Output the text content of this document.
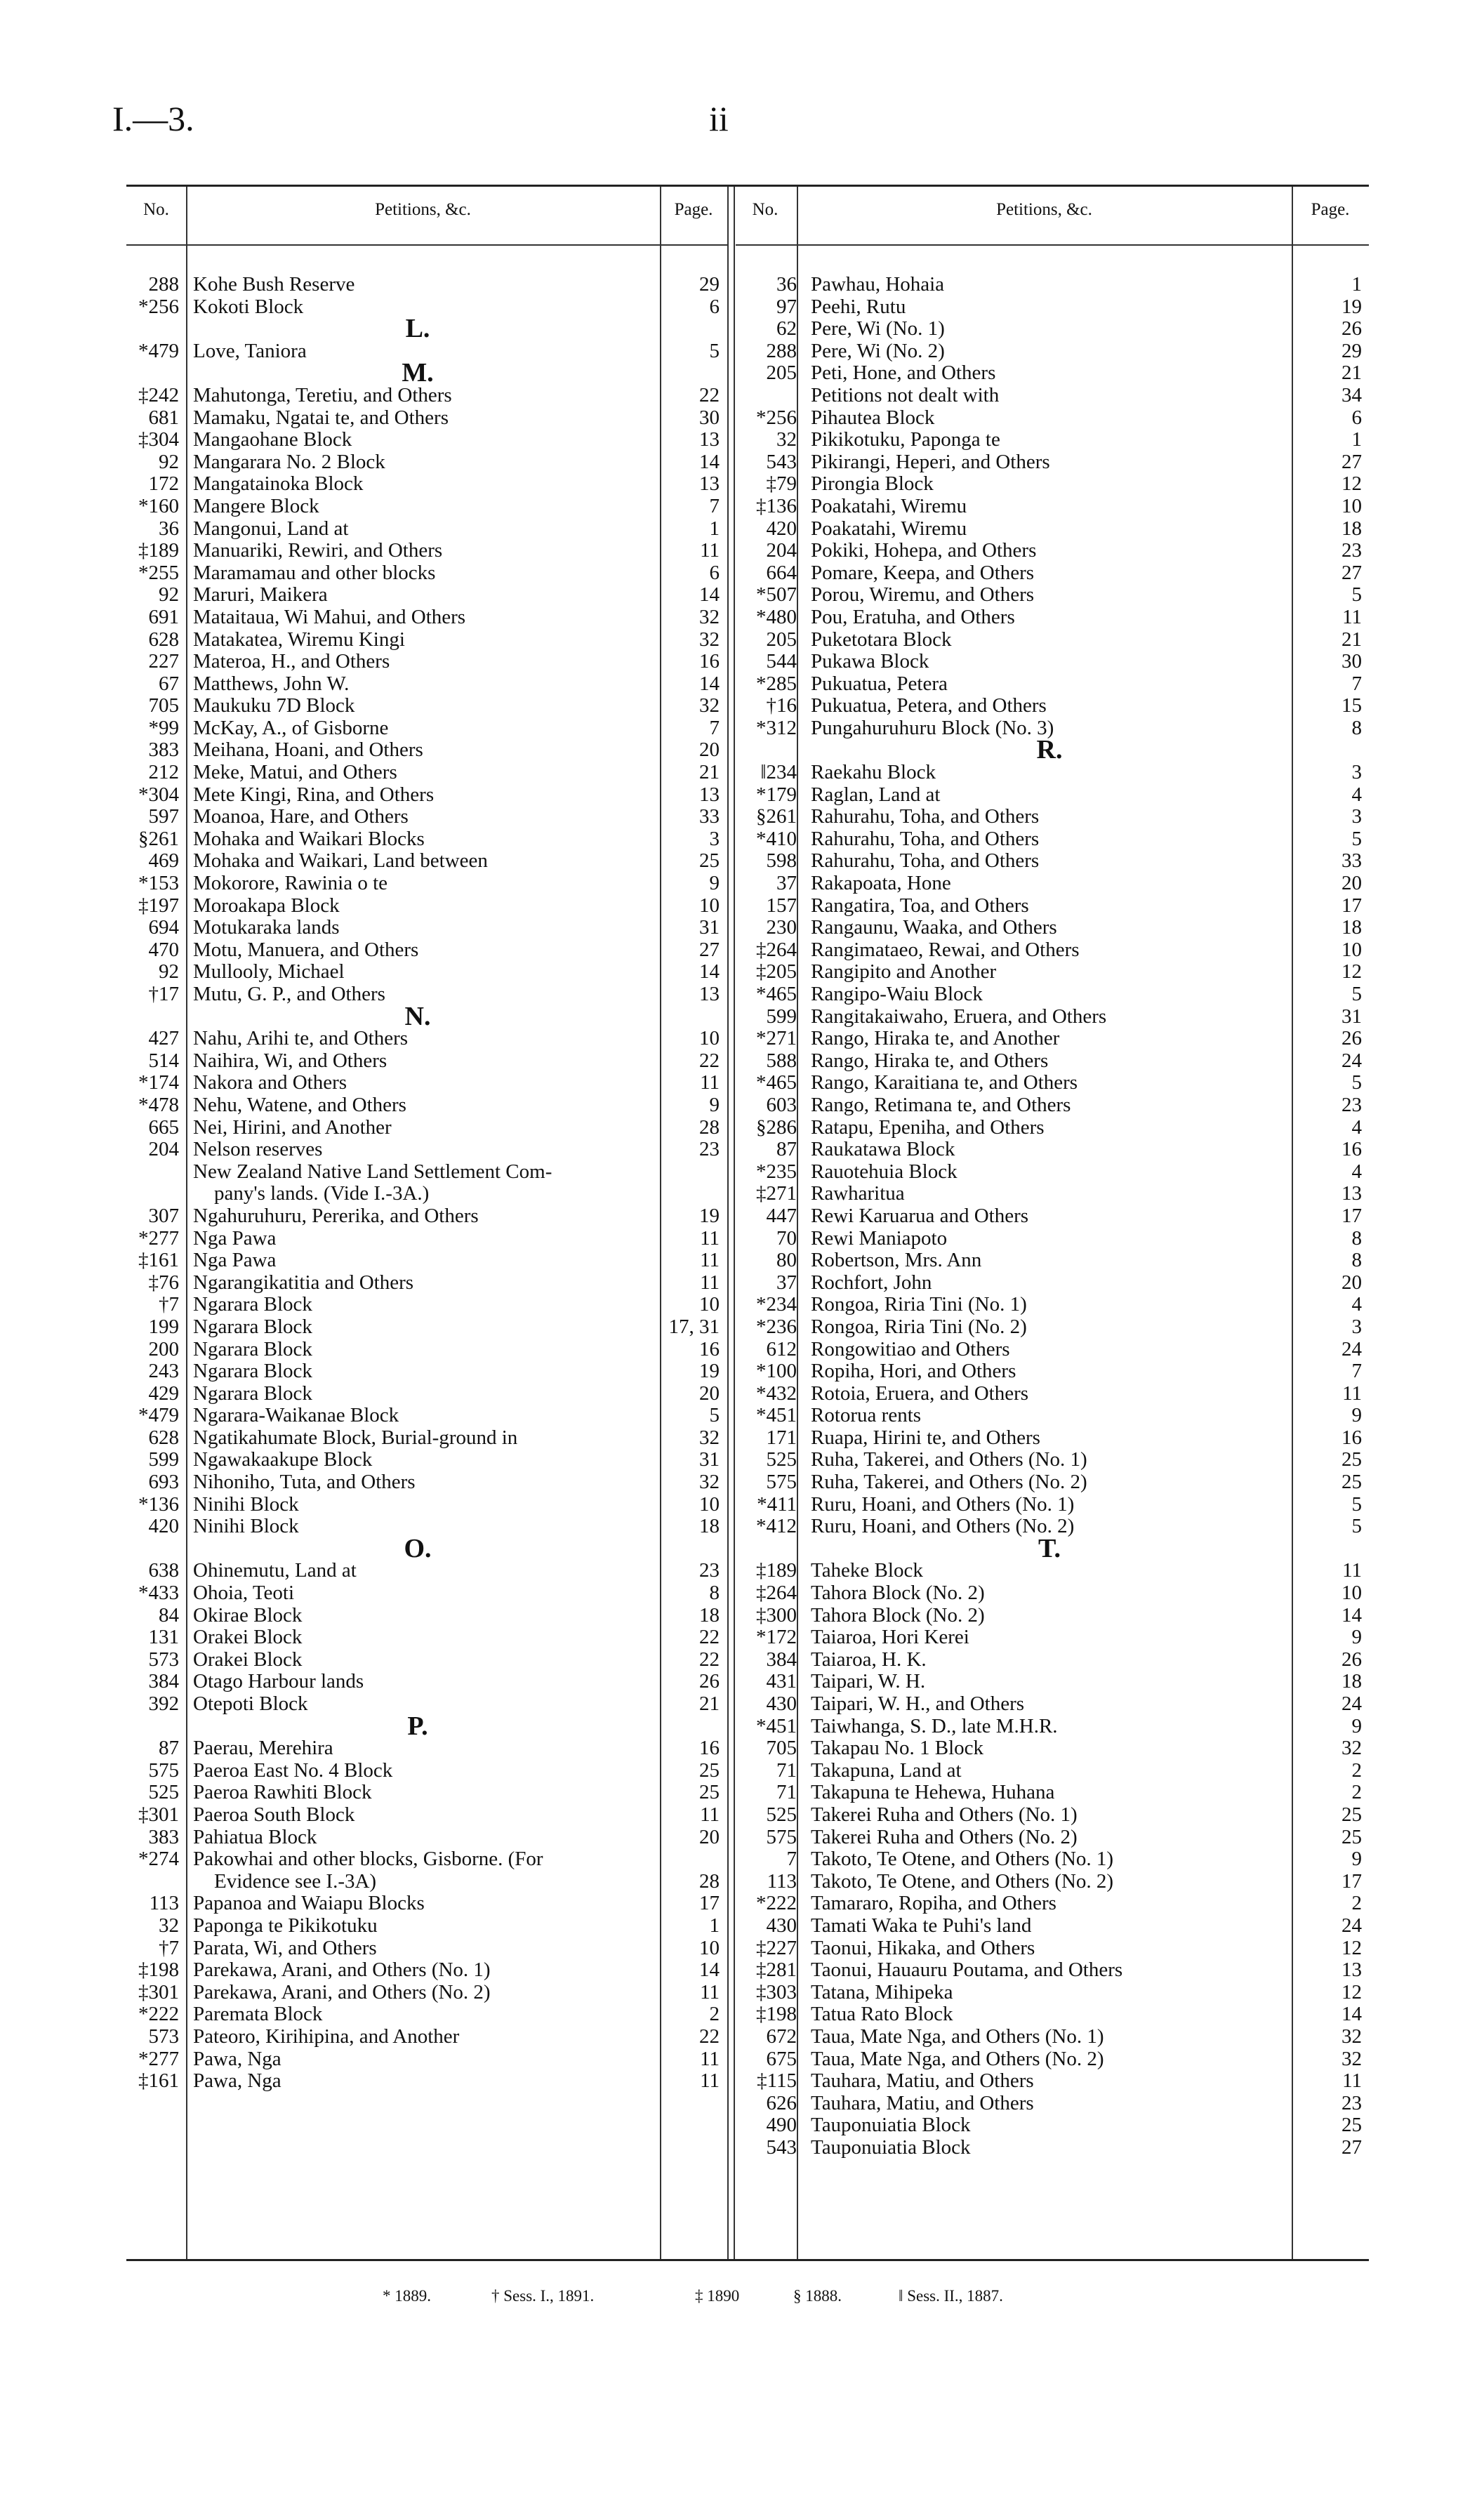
I.—3.	ii
No.	Petitions, &c.	Page.	No.	Petitions, &c.	Page.
288 Kohe Bush Reserve	29
*256 Kokoti Block	6
L.
*479 Love, Taniora	5
M.
‡242 Mahutonga, Teretiu, and Others	22
681 Mamaku, Ngatai te, and Others	30
‡304 Mangaohane Block	13
92 Mangarara No. 2 Block	14
172 Mangatainoka Block	13
*160 Mangere Block	7
36 Mangonui, Land at	1
‡189 Manuariki, Rewiri, and Others	11
*255 Maramamau and other blocks	6
92 Maruri, Maikera	14
691 Mataitaua, Wi Mahui, and Others	32
628 Matakatea, Wiremu Kingi	32
227 Materoa, H., and Others	16
67 Matthews, John W.	14
705 Maukuku 7D Block	32
*99 McKay, A., of Gisborne	7
383 Meihana, Hoani, and Others	20
212 Meke, Matui, and Others	21
*304 Mete Kingi, Rina, and Others	13
597 Moanoa, Hare, and Others	33
§261 Mohaka and Waikari Blocks	3
469 Mohaka and Waikari, Land between	25
*153 Mokorore, Rawinia o te	9
‡197 Moroakapa Block	10
694 Motukaraka lands	31
470 Motu, Manuera, and Others	27
92 Mullooly, Michael	14
†17 Mutu, G. P., and Others	13
N.
427 Nahu, Arihi te, and Others	10
514 Naihira, Wi, and Others	22
*174 Nakora and Others	11
*478 Nehu, Watene, and Others	9
665 Nei, Hirini, and Another	28
204 Nelson reserves	23
New Zealand Native Land Settlement Com-
pany's lands. (Vide I.-3A.)
307 Ngahuruhuru, Pererika, and Others	19
*277 Nga Pawa	11
‡161 Nga Pawa	11
‡76 Ngarangikatitia and Others	11
†7 Ngarara Block	10
199 Ngarara Block	17, 31
200 Ngarara Block	16
243 Ngarara Block	19
429 Ngarara Block	20
*479 Ngarara-Waikanae Block	5
628 Ngatikahumate Block, Burial-ground in	32
599 Ngawakaakupe Block	31
693 Nihoniho, Tuta, and Others	32
*136 Ninihi Block	10
420 Ninihi Block	18
O.
638 Ohinemutu, Land at	23
*433 Ohoia, Teoti	8
84 Okirae Block	18
131 Orakei Block	22
573 Orakei Block	22
384 Otago Harbour lands	26
392 Otepoti Block	21
P.
87 Paerau, Merehira	16
575 Paeroa East No. 4 Block	25
525 Paeroa Rawhiti Block	25
‡301 Paeroa South Block	11
383 Pahiatua Block	20
*274 Pakowhai and other blocks, Gisborne. (For
Evidence see I.-3A)	28
113 Papanoa and Waiapu Blocks	17
32 Paponga te Pikikotuku	1
†7 Parata, Wi, and Others	10
‡198 Parekawa, Arani, and Others (No. 1)	14
‡301 Parekawa, Arani, and Others (No. 2)	11
*222 Paremata Block	2
573 Pateoro, Kirihipina, and Another	22
*277 Pawa, Nga	11
‡161 Pawa, Nga	11
36 Pawhau, Hohaia	1
97 Peehi, Rutu	19
62 Pere, Wi (No. 1)	26
288 Pere, Wi (No. 2)	29
205 Peti, Hone, and Others	21
Petitions not dealt with	34
*256 Pihautea Block	6
32 Pikikotuku, Paponga te	1
543 Pikirangi, Heperi, and Others	27
‡79 Pirongia Block	12
‡136 Poakatahi, Wiremu	10
420 Poakatahi, Wiremu	18
204 Pokiki, Hohepa, and Others	23
664 Pomare, Keepa, and Others	27
*507 Porou, Wiremu, and Others	5
*480 Pou, Eratuha, and Others	11
205 Puketotara Block	21
544 Pukawa Block	30
*285 Pukuatua, Petera	7
†16 Pukuatua, Petera, and Others	15
*312 Pungahuruhuru Block (No. 3)	8
R.
‖234 Raekahu Block	3
*179 Raglan, Land at	4
§261 Rahurahu, Toha, and Others	3
*410 Rahurahu, Toha, and Others	5
598 Rahurahu, Toha, and Others	33
37 Rakapoata, Hone	20
157 Rangatira, Toa, and Others	17
230 Rangaunu, Waaka, and Others	18
‡264 Rangimataeo, Rewai, and Others	10
‡205 Rangipito and Another	12
*465 Rangipo-Waiu Block	5
599 Rangitakaiwaho, Eruera, and Others	31
*271 Rango, Hiraka te, and Another	26
588 Rango, Hiraka te, and Others	24
*465 Rango, Karaitiana te, and Others	5
603 Rango, Retimana te, and Others	23
§286 Ratapu, Epeniha, and Others	4
87 Raukatawa Block	16
*235 Rauotehuia Block	4
‡271 Rawharitua	13
447 Rewi Karuarua and Others	17
70 Rewi Maniapoto	8
80 Robertson, Mrs. Ann	8
37 Rochfort, John	20
*234 Rongoa, Riria Tini (No. 1)	4
*236 Rongoa, Riria Tini (No. 2)	3
612 Rongowitiao and Others	24
*100 Ropiha, Hori, and Others	7
*432 Rotoia, Eruera, and Others	11
*451 Rotorua rents	9
171 Ruapa, Hirini te, and Others	16
525 Ruha, Takerei, and Others (No. 1)	25
575 Ruha, Takerei, and Others (No. 2)	25
*411 Ruru, Hoani, and Others (No. 1)	5
*412 Ruru, Hoani, and Others (No. 2)	5
T.
‡189 Taheke Block	11
‡264 Tahora Block (No. 2)	10
‡300 Tahora Block (No. 2)	14
*172 Taiaroa, Hori Kerei	9
384 Taiaroa, H. K.	26
431 Taipari, W. H.	18
430 Taipari, W. H., and Others	24
*451 Taiwhanga, S. D., late M.H.R.	9
705 Takapau No. 1 Block	32
71 Takapuna, Land at	2
71 Takapuna te Hehewa, Huhana	2
525 Takerei Ruha and Others (No. 1)	25
575 Takerei Ruha and Others (No. 2)	25
7 Takoto, Te Otene, and Others (No. 1)	9
113 Takoto, Te Otene, and Others (No. 2)	17
*222 Tamararo, Ropiha, and Others	2
430 Tamati Waka te Puhi's land	24
‡227 Taonui, Hikaka, and Others	12
‡281 Taonui, Hauauru Poutama, and Others	13
‡303 Tatana, Mihipeka	12
‡198 Tatua Rato Block	14
672 Taua, Mate Nga, and Others (No. 1)	32
675 Taua, Mate Nga, and Others (No. 2)	32
‡115 Tauhara, Matiu, and Others	11
626 Tauhara, Matiu, and Others	23
490 Tauponuiatia Block	25
543 Tauponuiatia Block	27
* 1889.	† Sess. I., 1891.	‡ 1890	§ 1888.	‖ Sess. II., 1887.
